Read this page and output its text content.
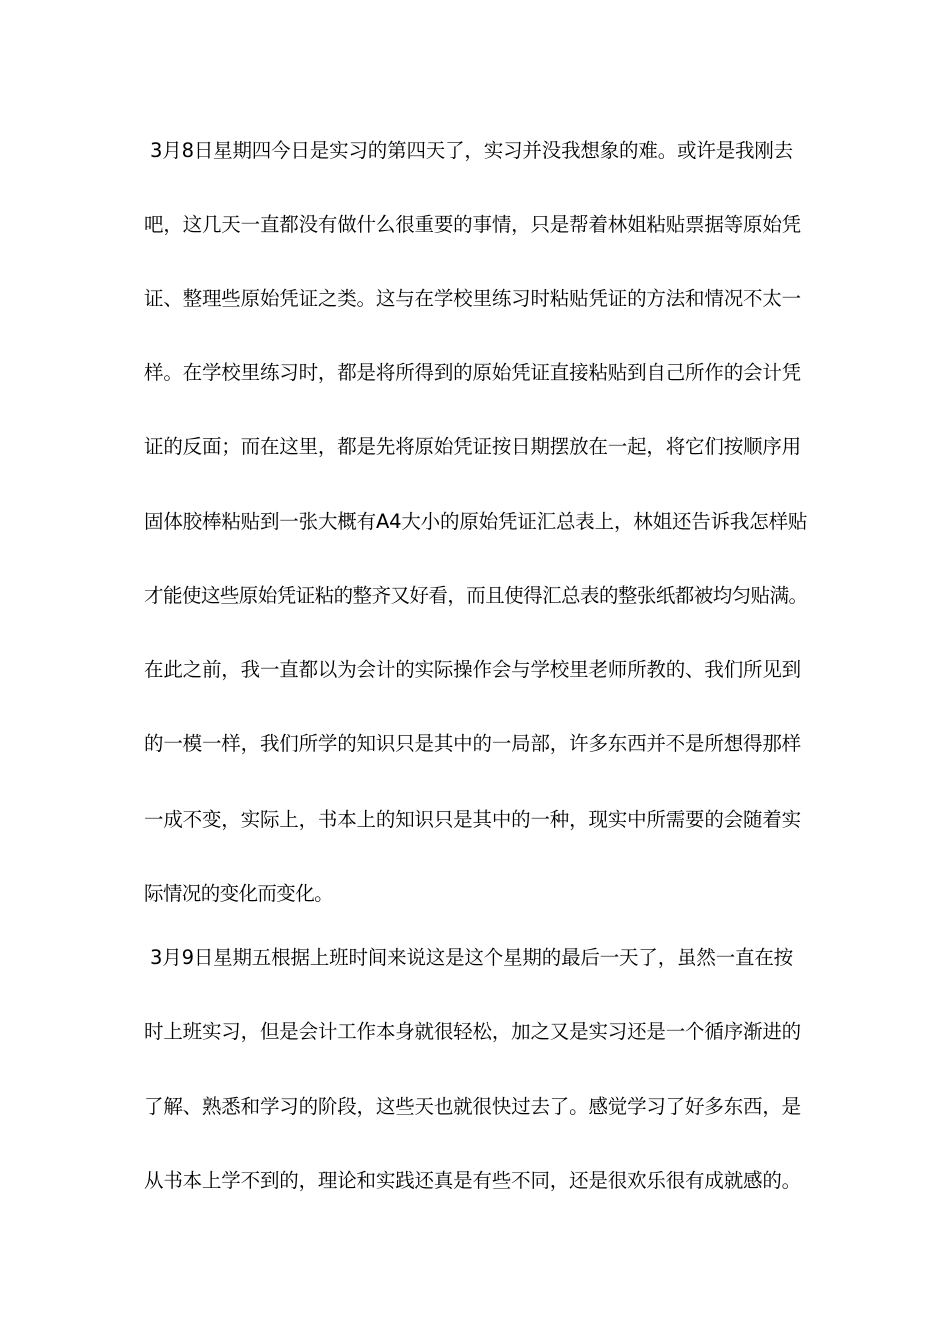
3月8日星期四今日是实习的第四天了，实习并没我想象的难。或许是我刚去
吧，这几天一直都没有做什么很重要的事情，只是帮着林姐粘贴票据等原始凭
证、整理些原始凭证之类。这与在学校里练习时粘贴凭证的方法和情况不太一
样。在学校里练习时，都是将所得到的原始凭证直接粘贴到自己所作的会计凭
证的反面；而在这里，都是先将原始凭证按日期摆放在一起，将它们按顺序用
固体胶棒粘贴到一张大概有A4大小的原始凭证汇总表上，林姐还告诉我怎样贴
才能使这些原始凭证粘的整齐又好看，而且使得汇总表的整张纸都被均匀贴满。
在此之前，我一直都以为会计的实际操作会与学校里老师所教的、我们所见到
的一模一样，我们所学的知识只是其中的一局部，许多东西并不是所想得那样
一成不变，实际上，书本上的知识只是其中的一种，现实中所需要的会随着实
际情况的变化而变化。
3月9日星期五根据上班时间来说这是这个星期的最后一天了，虽然一直在按
时上班实习，但是会计工作本身就很轻松，加之又是实习还是一个循序渐进的
了解、熟悉和学习的阶段，这些天也就很快过去了。感觉学习了好多东西，是
从书本上学不到的，理论和实践还真是有些不同，还是很欢乐很有成就感的。
